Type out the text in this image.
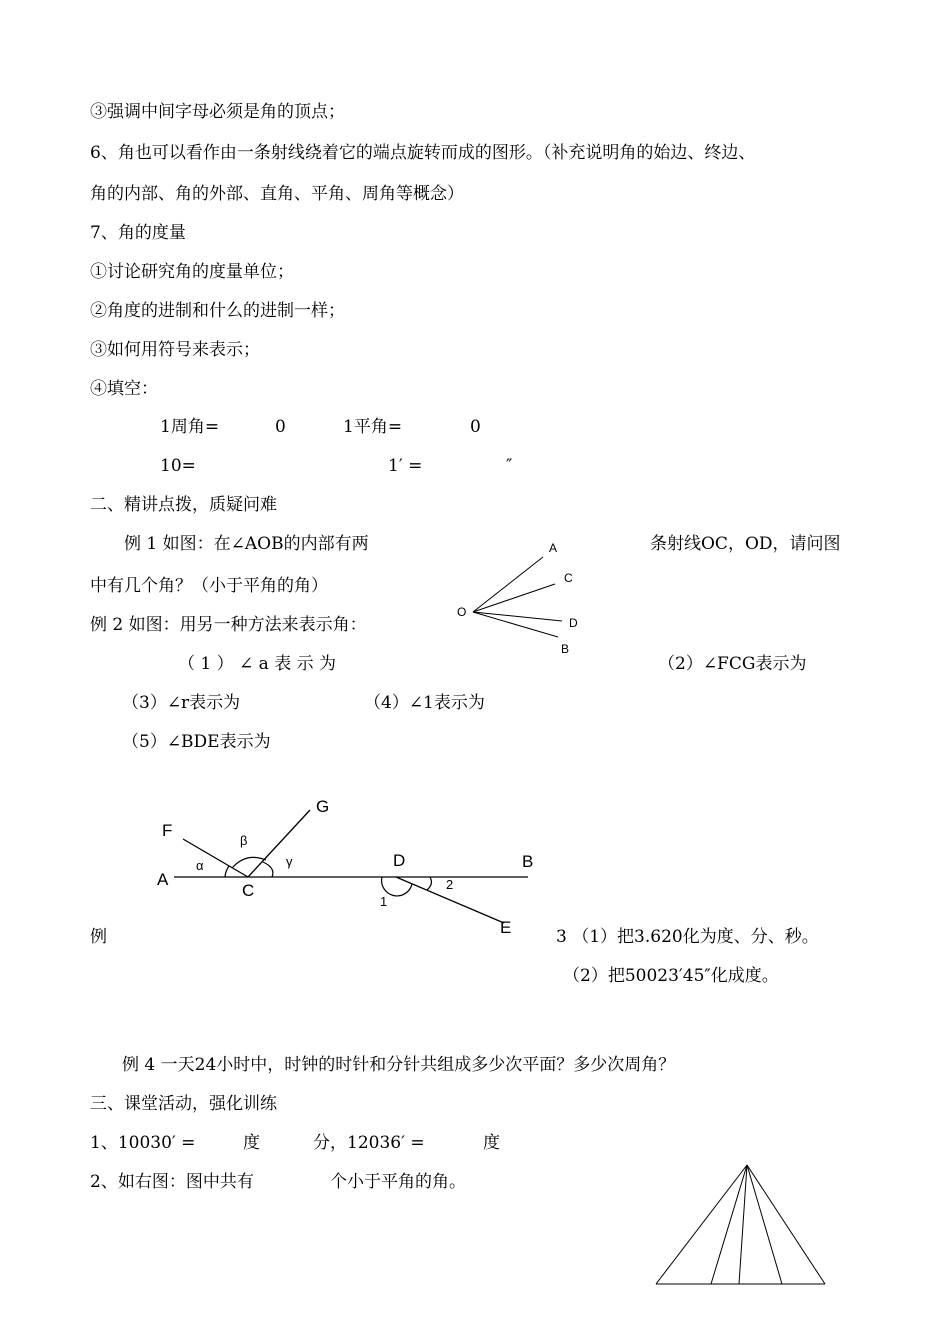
③强调中间字母必须是角的顶点；
6、角也可以看作由一条射线绕着它的端点旋转而成的图形。（补充说明角的始边、终边、
角的内部、角的外部、直角、平角、周角等概念）
7、角的度量
①讨论研究角的度量单位；
②角度的进制和什么的进制一样；
③如何用符号来表示；
④填空：
1周角=	0	1平角=	0
10=	1′ =	″
二、精讲点拨，质疑问难
例 1 如图：在∠AOB的内部有两	条射线OC，OD，请问图
中有几个角？（小于平角的角）
例 2 如图：用另一种方法来表示角：
（ 1 ） ∠ a 表 示 为	（2）∠FCG表示为
（3）∠r表示为	（4）∠1表示为
（5）∠BDE表示为
例	3 （1）把3.620化为度、分、秒。
（2）把50023′45″化成度。
例 4 一天24小时中，时钟的时针和分针共组成多少次平面？多少次周角？
三、课堂活动，强化训练
1、10030′ =	度	分，12036′ =	度
2、如右图：图中共有	个小于平角的角。
O
A
C
D
B
F
G
A
C
D	B
E
α
β
γ
1
2
